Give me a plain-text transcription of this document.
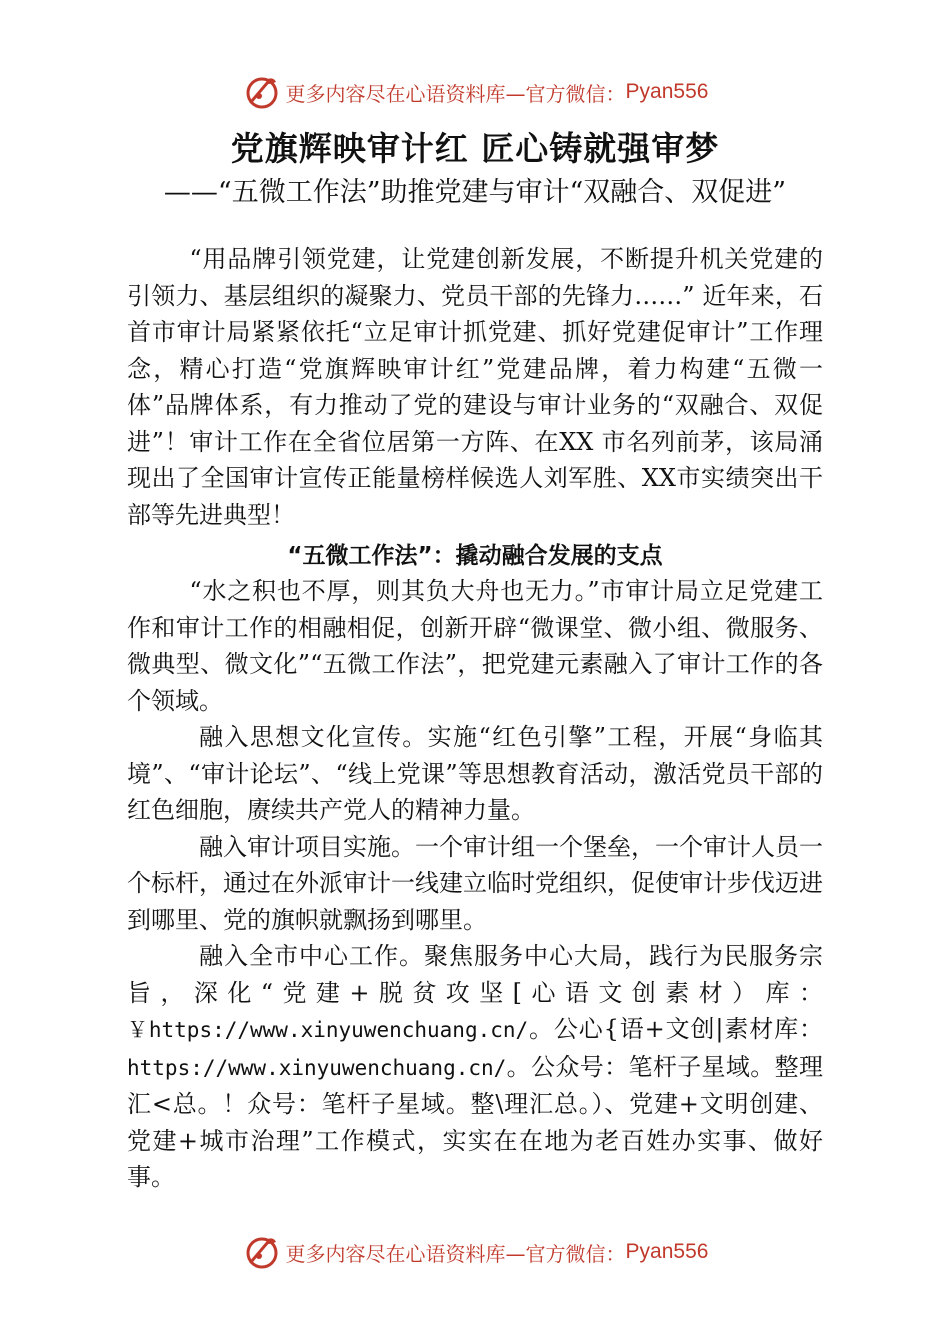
更多内容尽在心语资料库—官方微信： Pyan556
党旗辉映审计红 匠心铸就强审梦
——“五微工作法”助推党建与审计“双融合、双促进”

“用品牌引领党建，让党建创新发展，不断提升机关党建的引领力、基层组织的凝聚力、党员干部的先锋力……” 近年来，石首市审计局紧紧依托“立足审计抓党建、抓好党建促审计”工作理念，精心打造“党旗辉映审计红”党建品牌，着力构建“五微一体”品牌体系，有力推动了党的建设与审计业务的“双融合、双促进”！审计工作在全省位居第一方阵、在XX 市名列前茅，该局涌现出了全国审计宣传正能量榜样候选人刘军胜、XX市实绩突出干部等先进典型！

“五微工作法”：撬动融合发展的支点

“水之积也不厚，则其负大舟也无力。”市审计局立足党建工作和审计工作的相融相促，创新开辟“微课堂、微小组、微服务、微典型、微文化”“五微工作法”，把党建元素融入了审计工作的各个领域。

融入思想文化宣传。实施“红色引擎”工程，开展“身临其境”、“审计论坛”、“线上党课”等思想教育活动，激活党员干部的红色细胞，赓续共产党人的精神力量。

融入审计项目实施。一个审计组一个堡垒，一个审计人员一个标杆，通过在外派审计一线建立临时党组织，促使审计步伐迈进到哪里、党的旗帜就飘扬到哪里。

融入全市中心工作。聚焦服务中心大局，践行为民服务宗旨，深化“党建+脱贫攻坚[心语文创素材）库：￥https://www.xinyuwenchuang.cn/。公心{语+文创|素材库：https://www.xinyuwenchuang.cn/。公众号：笔杆子星域。整理汇<总。！众号：笔杆子星域。整\理汇总。）、党建+文明创建、党建+城市治理”工作模式，实实在在地为老百姓办实事、做好事。

更多内容尽在心语资料库—官方微信： Pyan556
